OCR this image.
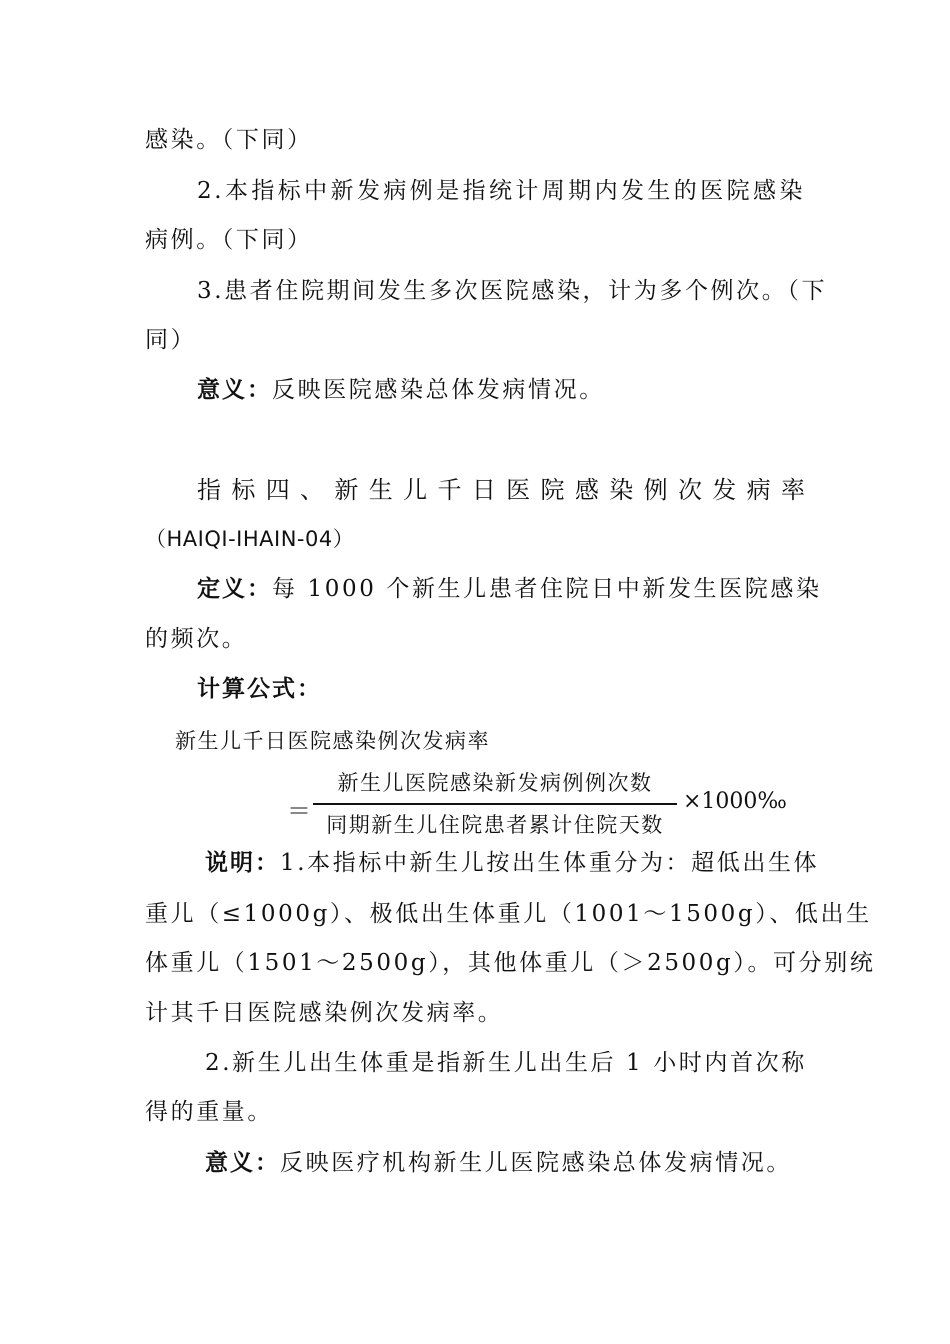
感染。（下同）
2.本指标中新发病例是指统计周期内发生的医院感染
病例。（下同）
3.患者住院期间发生多次医院感染，计为多个例次。（下
同）
意义：反映医院感染总体发病情况。
指标四、新生儿千日医院感染例次发病率
（HAIQI-IHAIN-04）
定义：每 1000 个新生儿患者住院日中新发生医院感染
的频次。
计算公式：
新生儿千日医院感染例次发病率
＝
新生儿医院感染新发病例例次数
同期新生儿住院患者累计住院天数
×1000‰
说明：1.本指标中新生儿按出生体重分为：超低出生体
重儿（≤1000g）、极低出生体重儿（1001～1500g）、低出生
体重儿（1501～2500g），其他体重儿（＞2500g）。可分别统
计其千日医院感染例次发病率。
2.新生儿出生体重是指新生儿出生后 1 小时内首次称
得的重量。
意义：反映医疗机构新生儿医院感染总体发病情况。
